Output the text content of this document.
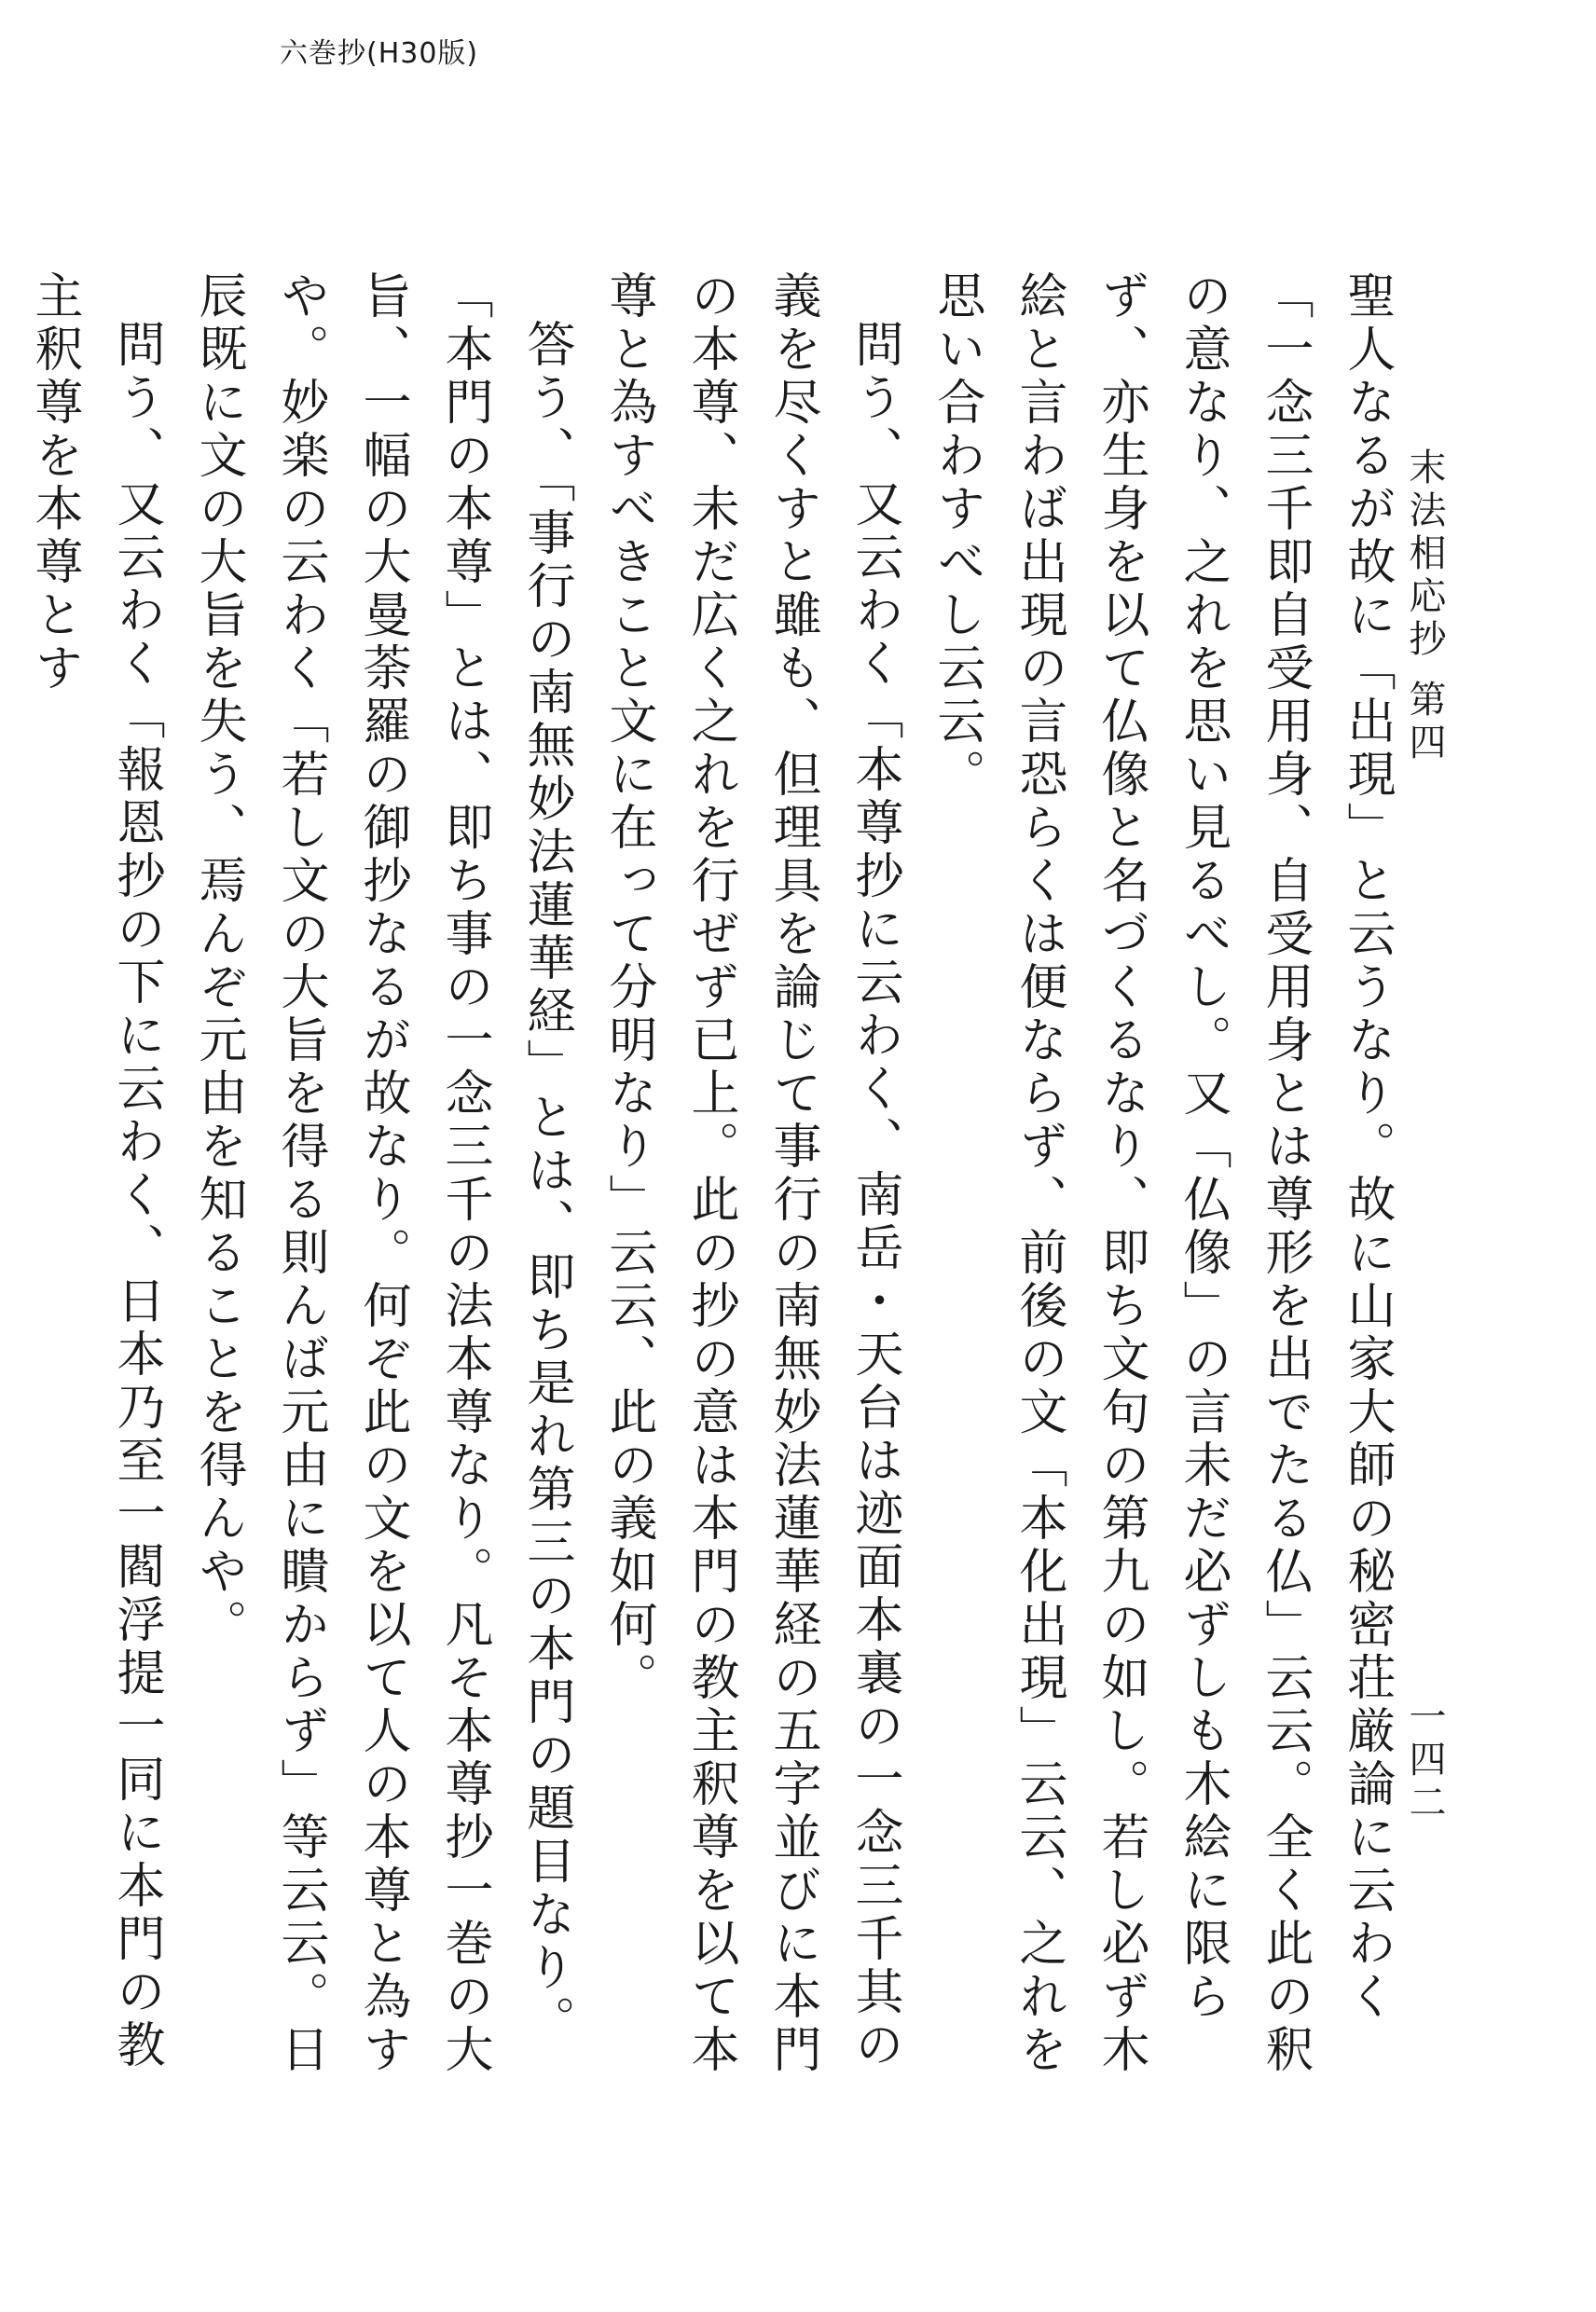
六巻抄(H30版)
末法相応抄 第四
一四二

聖人なるが故に「出現」と云うなり。故に山家大師の秘密荘厳論に云わく「一念三千即自受用身、自受用身とは尊形を出でたる仏」云云。全く此の釈の意なり、之れを思い見るべし。又「仏像」の言未だ必ずしも木絵に限らず、亦生身を以て仏像と名づくるなり、即ち文句の第九の如し。若し必ず木絵と言わば出現の言恐らくは便ならず、前後の文「本化出現」云云、之れを思い合わすべし云云。

問う、又云わく「本尊抄に云わく、南岳・天台は迹面本裏の一念三千其の義を尽くすと雖も、但理具を論じて事行の南無妙法蓮華経の五字並びに本門の本尊、未だ広く之れを行ぜず已上。此の抄の意は本門の教主釈尊を以て本尊と為すべきこと文に在って分明なり」云云、此の義如何。

答う、「事行の南無妙法蓮華経」とは、即ち是れ第三の本門の題目なり。「本門の本尊」とは、即ち事の一念三千の法本尊なり。凡そ本尊抄一巻の大旨、一幅の大曼荼羅の御抄なるが故なり。何ぞ此の文を以て人の本尊と為すや。妙楽の云わく「若し文の大旨を得る則んば元由に瞶からず」等云云。日辰既に文の大旨を失う、焉んぞ元由を知ることを得んや。

問う、又云わく「報恩抄の下に云わく、日本乃至一閻浮提一同に本門の教主釈尊を本尊とす
